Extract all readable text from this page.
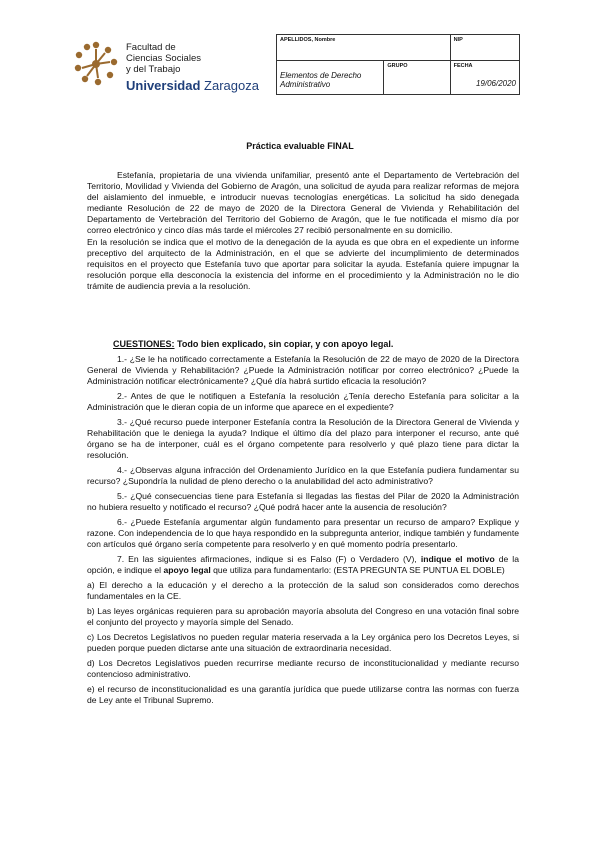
Facultad de
Ciencias Sociales
y del Trabajo
Universidad Zaragoza
APELLIDOS, Nombre		NIP

Elementos de Derecho Administrativo	GRUPO	FECHA
19/06/2020
Práctica evaluable FINAL

Estefanía, propietaria de una vivienda unifamiliar, presentó ante el Departamento de Vertebración del Territorio, Movilidad y Vivienda del Gobierno de Aragón, una solicitud de ayuda para realizar reformas de mejora del aislamiento del inmueble, e introducir nuevas tecnologías energéticas. La solicitud ha sido denegada mediante Resolución de 22 de mayo de 2020 de la Directora General de Vivienda y Rehabilitación del Departamento de Vertebración del Territorio del Gobierno de Aragón, que le fue notificada el mismo día por correo electrónico y cinco días más tarde el miércoles 27 recibió personalmente en su domicilio.

En la resolución se indica que el motivo de la denegación de la ayuda es que obra en el expediente un informe preceptivo del arquitecto de la Administración, en el que se advierte del incumplimiento de determinados requisitos en el proyecto que Estefanía tuvo que aportar para solicitar la ayuda. Estefanía quiere impugnar la resolución porque ella desconocía la existencia del informe en el procedimiento y la Administración no le dio trámite de audiencia previa a la resolución.

CUESTIONES: Todo bien explicado, sin copiar, y con apoyo legal.

1.- ¿Se le ha notificado correctamente a Estefanía la Resolución de 22 de mayo de 2020 de la Directora General de Vivienda y Rehabilitación? ¿Puede la Administración notificar por correo electrónico? ¿Puede la Administración notificar electrónicamente? ¿Qué día habrá surtido eficacia la resolución?

2.- Antes de que le notifiquen a Estefanía la resolución ¿Tenía derecho Estefanía para solicitar a la Administración que le dieran copia de un informe que aparece en el expediente?

3.- ¿Qué recurso puede interponer Estefanía contra la Resolución de la Directora General de Vivienda y Rehabilitación que le deniega la ayuda? Indique el último día del plazo para interponer el recurso, ante qué órgano se ha de interponer, cuál es el órgano competente para resolverlo y qué plazo tiene para dictar la resolución.

4.- ¿Observas alguna infracción del Ordenamiento Jurídico en la que Estefanía pudiera fundamentar su recurso? ¿Supondría la nulidad de pleno derecho o la anulabilidad del acto administrativo?

5.- ¿Qué consecuencias tiene para Estefanía si llegadas las fiestas del Pilar de 2020 la Administración no hubiera resuelto y notificado el recurso? ¿Qué podrá hacer ante la ausencia de resolución?

6.- ¿Puede Estefanía argumentar algún fundamento para presentar un recurso de amparo? Explique y razone. Con independencia de lo que haya respondido en la subpregunta anterior, indique también y fundamente con artículos qué órgano sería competente para resolverlo y en qué momento podría presentarlo.

7. En las siguientes afirmaciones, indique si es Falso (F) o Verdadero (V), indique el motivo de la opción, e indique el apoyo legal que utiliza para fundamentarlo: (ESTA PREGUNTA SE PUNTUA EL DOBLE)

a) El derecho a la educación y el derecho a la protección de la salud son considerados como derechos fundamentales en la CE.

b) Las leyes orgánicas requieren para su aprobación mayoría absoluta del Congreso en una votación final sobre el conjunto del proyecto y mayoría simple del Senado.

c) Los Decretos Legislativos no pueden regular materia reservada a la Ley orgánica pero los Decretos Leyes, si pueden porque pueden dictarse ante una situación de extraordinaria necesidad.

d) Los Decretos Legislativos pueden recurrirse mediante recurso de inconstitucionalidad y mediante recurso contencioso administrativo.

e) el recurso de inconstitucionalidad es una garantía jurídica que puede utilizarse contra las normas con fuerza de Ley ante el Tribunal Supremo.
